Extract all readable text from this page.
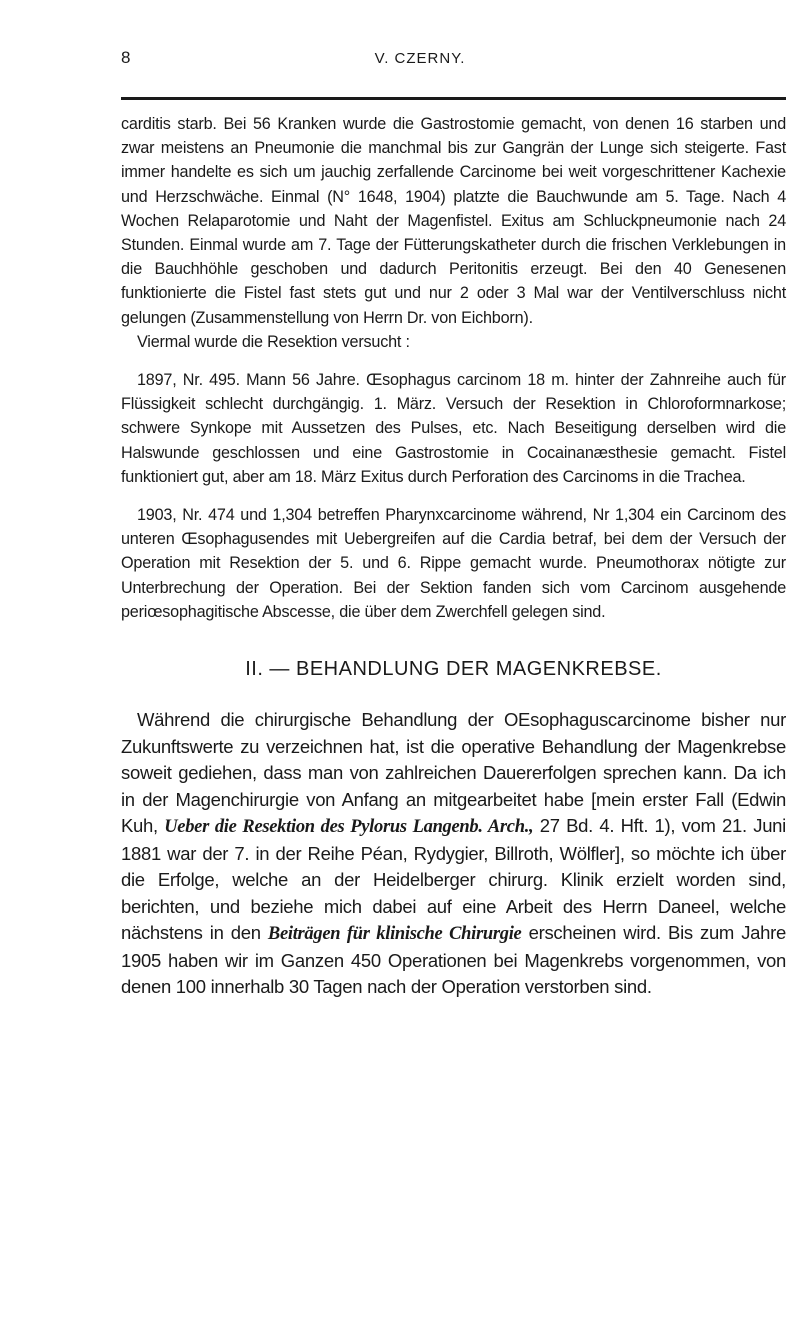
8	V. CZERNY.

carditis starb. Bei 56 Kranken wurde die Gastrostomie gemacht, von denen 16 starben und zwar meistens an Pneumonie die manchmal bis zur Gangrän der Lunge sich steigerte. Fast immer handelte es sich um jauchig zerfallende Carcinome bei weit vorgeschrittener Kachexie und Herzschwäche. Einmal (N° 1648, 1904) platzte die Bauchwunde am 5. Tage. Nach 4 Wochen Relaparotomie und Naht der Magenfistel. Exitus am Schluckpneumonie nach 24 Stunden. Einmal wurde am 7. Tage der Fütterungskatheter durch die frischen Verklebungen in die Bauchhöhle geschoben und dadurch Peritonitis erzeugt. Bei den 40 Genesenen funktionierte die Fistel fast stets gut und nur 2 oder 3 Mal war der Ventilverschluss nicht gelungen (Zusammenstellung von Herrn Dr. von Eichborn).

Viermal wurde die Resektion versucht :

1897, Nr. 495. Mann 56 Jahre. Œsophagus carcinom 18 m. hinter der Zahnreihe auch für Flüssigkeit schlecht durchgängig. 1. März. Versuch der Resektion in Chloroformnarkose; schwere Synkope mit Aussetzen des Pulses, etc. Nach Beseitigung derselben wird die Halswunde geschlossen und eine Gastrostomie in Cocainanæsthesie gemacht. Fistel funktioniert gut, aber am 18. März Exitus durch Perforation des Carcinoms in die Trachea.

1903, Nr. 474 und 1,304 betreffen Pharynxcarcinome während, Nr 1,304 ein Carcinom des unteren Œsophagusendes mit Uebergreifen auf die Cardia betraf, bei dem der Versuch der Operation mit Resektion der 5. und 6. Rippe gemacht wurde. Pneumothorax nötigte zur Unterbrechung der Operation. Bei der Sektion fanden sich vom Carcinom ausgehende periœsophagitische Abscesse, die über dem Zwerchfell gelegen sind.

II. — BEHANDLUNG DER MAGENKREBSE.

Während die chirurgische Behandlung der OEsophaguscarcinome bisher nur Zukunftswerte zu verzeichnen hat, ist die operative Behandlung der Magenkrebse soweit gediehen, dass man von zahlreichen Dauererfolgen sprechen kann. Da ich in der Magenchirurgie von Anfang an mitgearbeitet habe [mein erster Fall (Edwin Kuh, Ueber die Resektion des Pylorus Langenb. Arch., 27 Bd. 4. Hft. 1), vom 21. Juni 1881 war der 7. in der Reihe Péan, Rydygier, Billroth, Wölfler], so möchte ich über die Erfolge, welche an der Heidelberger chirurg. Klinik erzielt worden sind, berichten, und beziehe mich dabei auf eine Arbeit des Herrn Daneel, welche nächstens in den Beiträgen für klinische Chirurgie erscheinen wird. Bis zum Jahre 1905 haben wir im Ganzen 450 Operationen bei Magenkrebs vorgenommen, von denen 100 innerhalb 30 Tagen nach der Operation verstorben sind.
